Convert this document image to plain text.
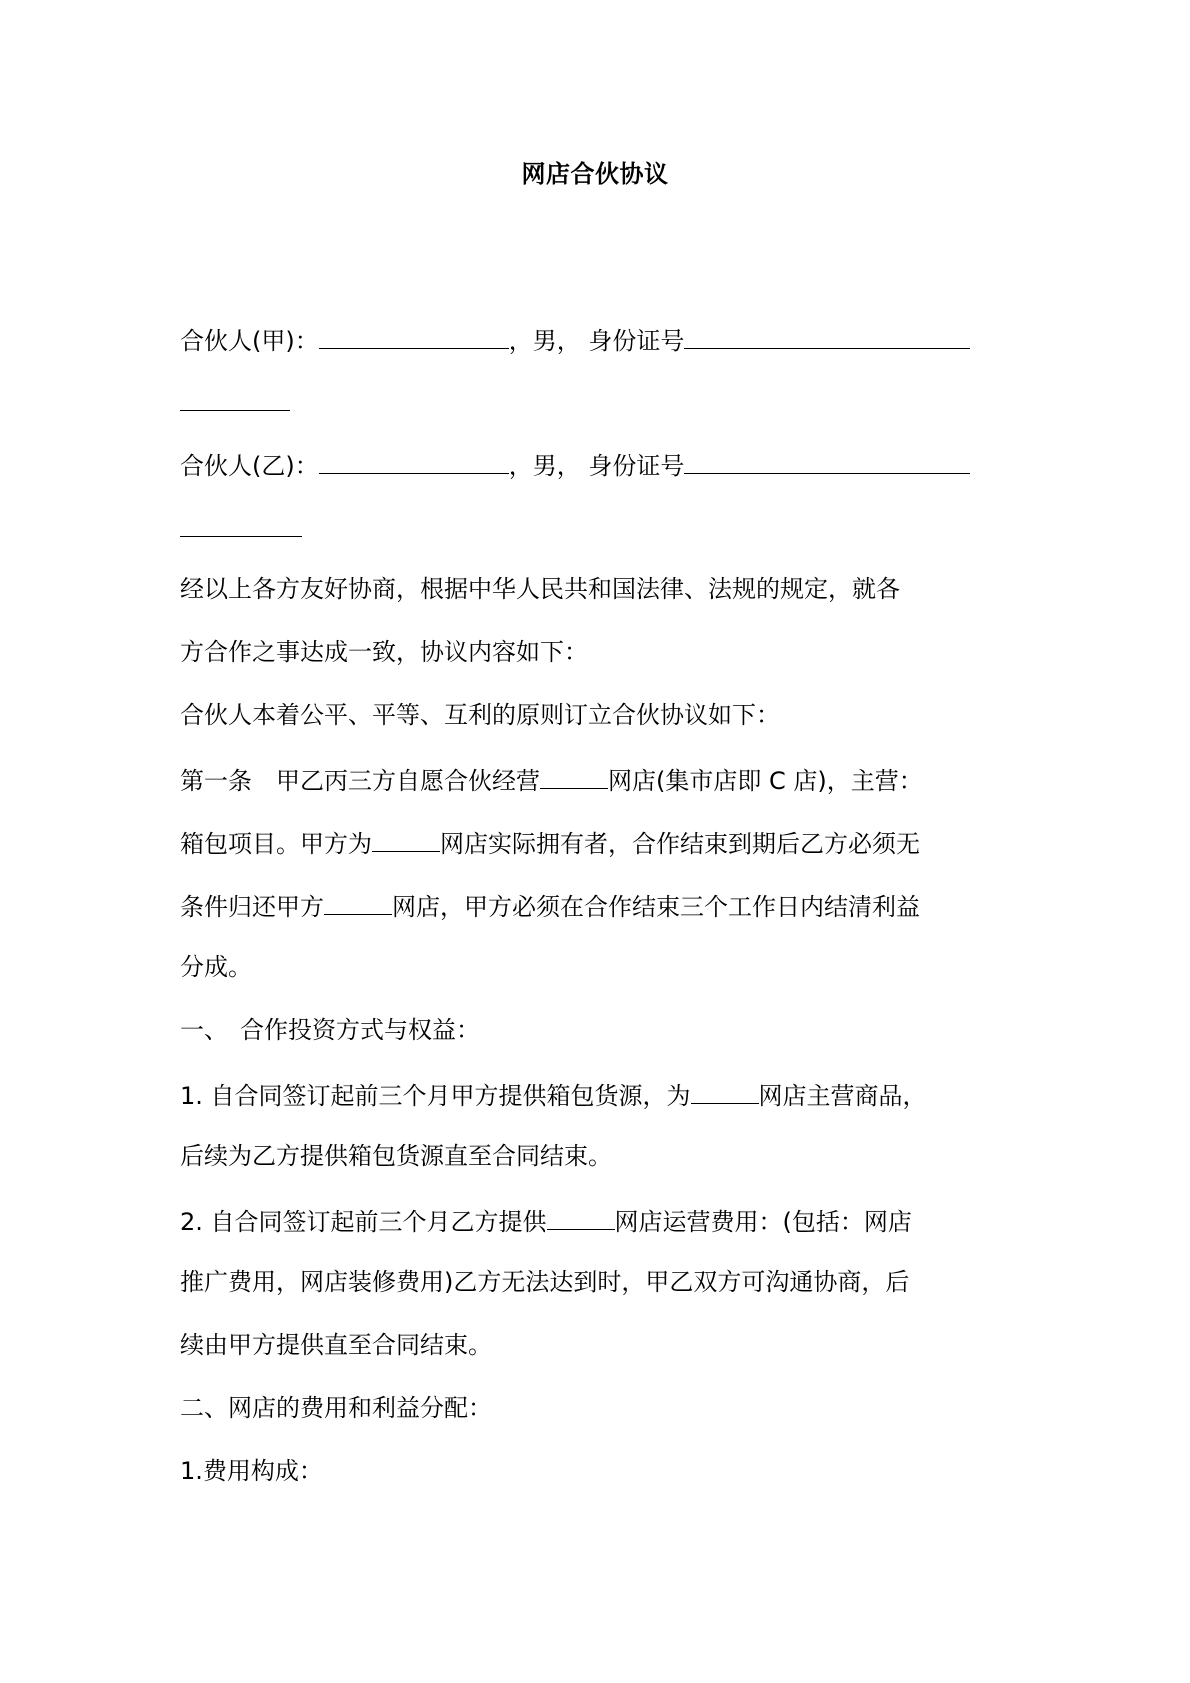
网店合伙协议
合伙人(甲)：	，男， 身份证号
合伙人(乙)：	，男， 身份证号
经以上各方友好协商，根据中华人民共和国法律、法规的规定，就各
方合作之事达成一致，协议内容如下：
合伙人本着公平、平等、互利的原则订立合伙协议如下：
第一条　甲乙丙三方自愿合伙经营	网店(集市店即 C 店)，主营：
箱包项目。甲方为	网店实际拥有者，合作结束到期后乙方必须无
条件归还甲方	网店，甲方必须在合作结束三个工作日内结清利益
分成。
一、　合作投资方式与权益：
1. 自合同签订起前三个月甲方提供箱包货源，为	网店主营商品，
后续为乙方提供箱包货源直至合同结束。
2. 自合同签订起前三个月乙方提供	网店运营费用：(包括：网店
推广费用，网店装修费用)乙方无法达到时，甲乙双方可沟通协商，后
续由甲方提供直至合同结束。
二、网店的费用和利益分配：
1.费用构成：
